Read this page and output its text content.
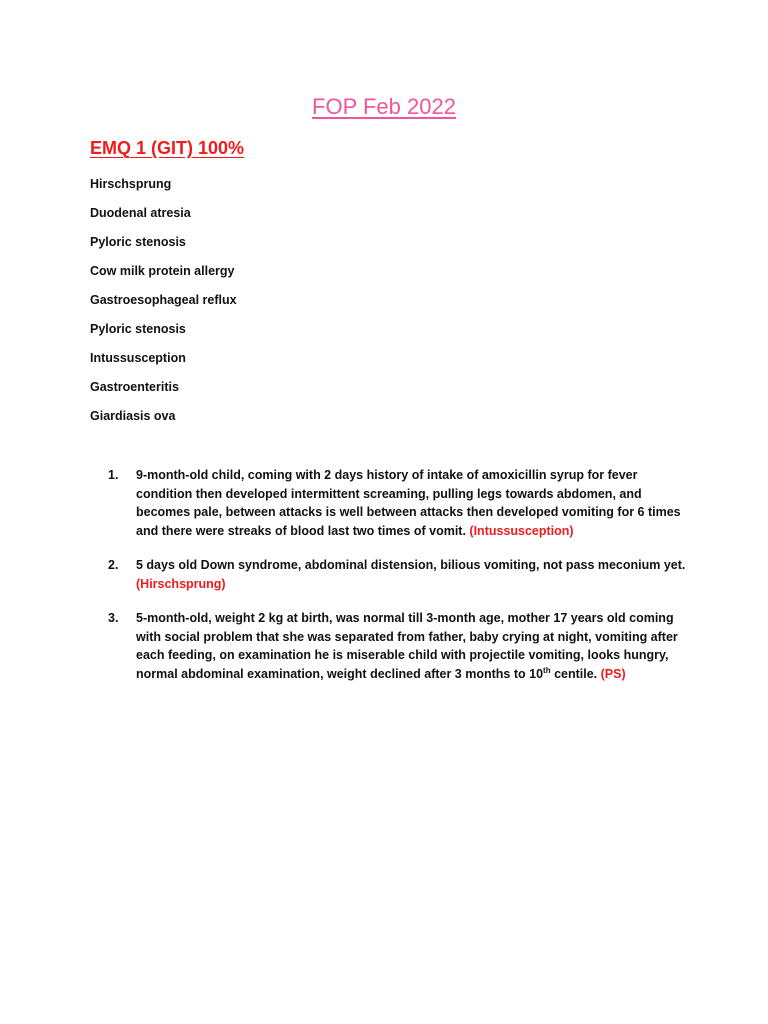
FOP Feb 2022
EMQ 1 (GIT) 100%
Hirschsprung
Duodenal atresia
Pyloric stenosis
Cow milk protein allergy
Gastroesophageal reflux
Pyloric stenosis
Intussusception
Gastroenteritis
Giardiasis ova
1. 9-month-old child, coming with 2 days history of intake of amoxicillin syrup for fever condition then developed intermittent screaming, pulling legs towards abdomen, and becomes pale, between attacks is well between attacks then developed vomiting for 6 times and there were streaks of blood last two times of vomit. (Intussusception)
2. 5 days old Down syndrome, abdominal distension, bilious vomiting, not pass meconium yet. (Hirschsprung)
3. 5-month-old, weight 2 kg at birth, was normal till 3-month age, mother 17 years old coming with social problem that she was separated from father, baby crying at night, vomiting after each feeding, on examination he is miserable child with projectile vomiting, looks hungry, normal abdominal examination, weight declined after 3 months to 10th centile. (PS)
